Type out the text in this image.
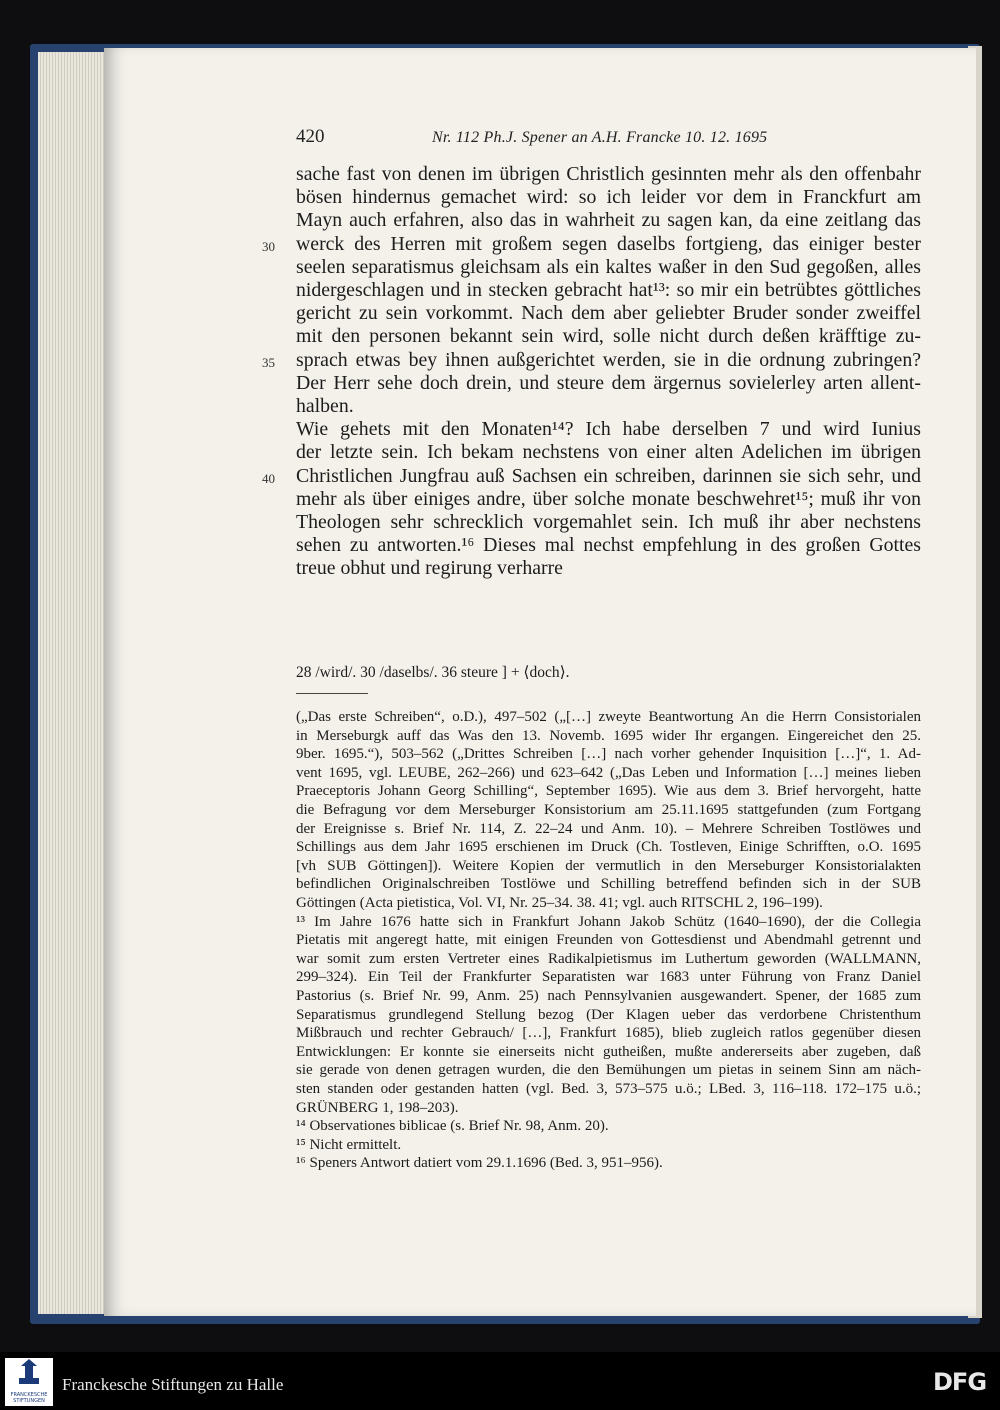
420	Nr. 112 Ph.J. Spener an A.H. Francke 10. 12. 1695
sache fast von denen im übrigen Christlich gesinnten mehr als den offenbahr
bösen hindernus gemachet wird: so ich leider vor dem in Franckfurt am
Mayn auch erfahren, also das in wahrheit zu sagen kan, da eine zeitlang das
werck des Herren mit großem segen daselbs fortgieng, das einiger bester
30
seelen separatismus gleichsam als ein kaltes waßer in den Sud gegoßen, alles
nidergeschlagen und in stecken gebracht hat¹³: so mir ein betrübtes göttliches
gericht zu sein vorkommt. Nach dem aber geliebter Bruder sonder zweiffel
mit den personen bekannt sein wird, solle nicht durch deßen kräfftige zu-
sprach etwas bey ihnen außgerichtet werden, sie in die ordnung zubringen?
35
Der Herr sehe doch drein, und steure dem ärgernus sovielerley arten allent-
halben.
Wie gehets mit den Monaten¹⁴? Ich habe derselben 7 und wird Iunius
der letzte sein. Ich bekam nechstens von einer alten Adelichen im übrigen
Christlichen Jungfrau auß Sachsen ein schreiben, darinnen sie sich sehr, und
40
mehr als über einiges andre, über solche monate beschwehret¹⁵; muß ihr von
Theologen sehr schrecklich vorgemahlet sein. Ich muß ihr aber nechstens
sehen zu antworten.¹⁶ Dieses mal nechst empfehlung in des großen Gottes
treue obhut und regirung verharre
28 /wird/. 30 /daselbs/. 36 steure ] + ⟨doch⟩.
(„Das erste Schreiben“, o.D.), 497–502 („[…] zweyte Beantwortung An die Herrn Consistorialen
in Merseburgk auff das Was den 13. Novemb. 1695 wider Ihr ergangen. Eingereichet den 25.
9ber. 1695.“), 503–562 („Drittes Schreiben […] nach vorher gehender Inquisition […]“, 1. Ad-
vent 1695, vgl. LEUBE, 262–266) und 623–642 („Das Leben und Information […] meines lieben
Praeceptoris Johann Georg Schilling“, September 1695). Wie aus dem 3. Brief hervorgeht, hatte
die Befragung vor dem Merseburger Konsistorium am 25.11.1695 stattgefunden (zum Fortgang
der Ereignisse s. Brief Nr. 114, Z. 22–24 und Anm. 10). – Mehrere Schreiben Tostlöwes und
Schillings aus dem Jahr 1695 erschienen im Druck (Ch. Tostleven, Einige Schrifften, o.O. 1695
[vh SUB Göttingen]). Weitere Kopien der vermutlich in den Merseburger Konsistorialakten
befindlichen Originalschreiben Tostlöwe und Schilling betreffend befinden sich in der SUB
Göttingen (Acta pietistica, Vol. VI, Nr. 25–34. 38. 41; vgl. auch RITSCHL 2, 196–199).
¹³ Im Jahre 1676 hatte sich in Frankfurt Johann Jakob Schütz (1640–1690), der die Collegia
Pietatis mit angeregt hatte, mit einigen Freunden von Gottesdienst und Abendmahl getrennt und
war somit zum ersten Vertreter eines Radikalpietismus im Luthertum geworden (WALLMANN,
299–324). Ein Teil der Frankfurter Separatisten war 1683 unter Führung von Franz Daniel
Pastorius (s. Brief Nr. 99, Anm. 25) nach Pennsylvanien ausgewandert. Spener, der 1685 zum
Separatismus grundlegend Stellung bezog (Der Klagen ueber das verdorbene Christenthum
Mißbrauch und rechter Gebrauch/ […], Frankfurt 1685), blieb zugleich ratlos gegenüber diesen
Entwicklungen: Er konnte sie einerseits nicht gutheißen, mußte andererseits aber zugeben, daß
sie gerade von denen getragen wurden, die den Bemühungen um pietas in seinem Sinn am näch-
sten standen oder gestanden hatten (vgl. Bed. 3, 573–575 u.ö.; LBed. 3, 116–118. 172–175 u.ö.;
GRÜNBERG 1, 198–203).
¹⁴ Observationes biblicae (s. Brief Nr. 98, Anm. 20).
¹⁵ Nicht ermittelt.
¹⁶ Speners Antwort datiert vom 29.1.1696 (Bed. 3, 951–956).
FRANCKESCHE STIFTUNGEN
Franckesche Stiftungen zu Halle	DFG
